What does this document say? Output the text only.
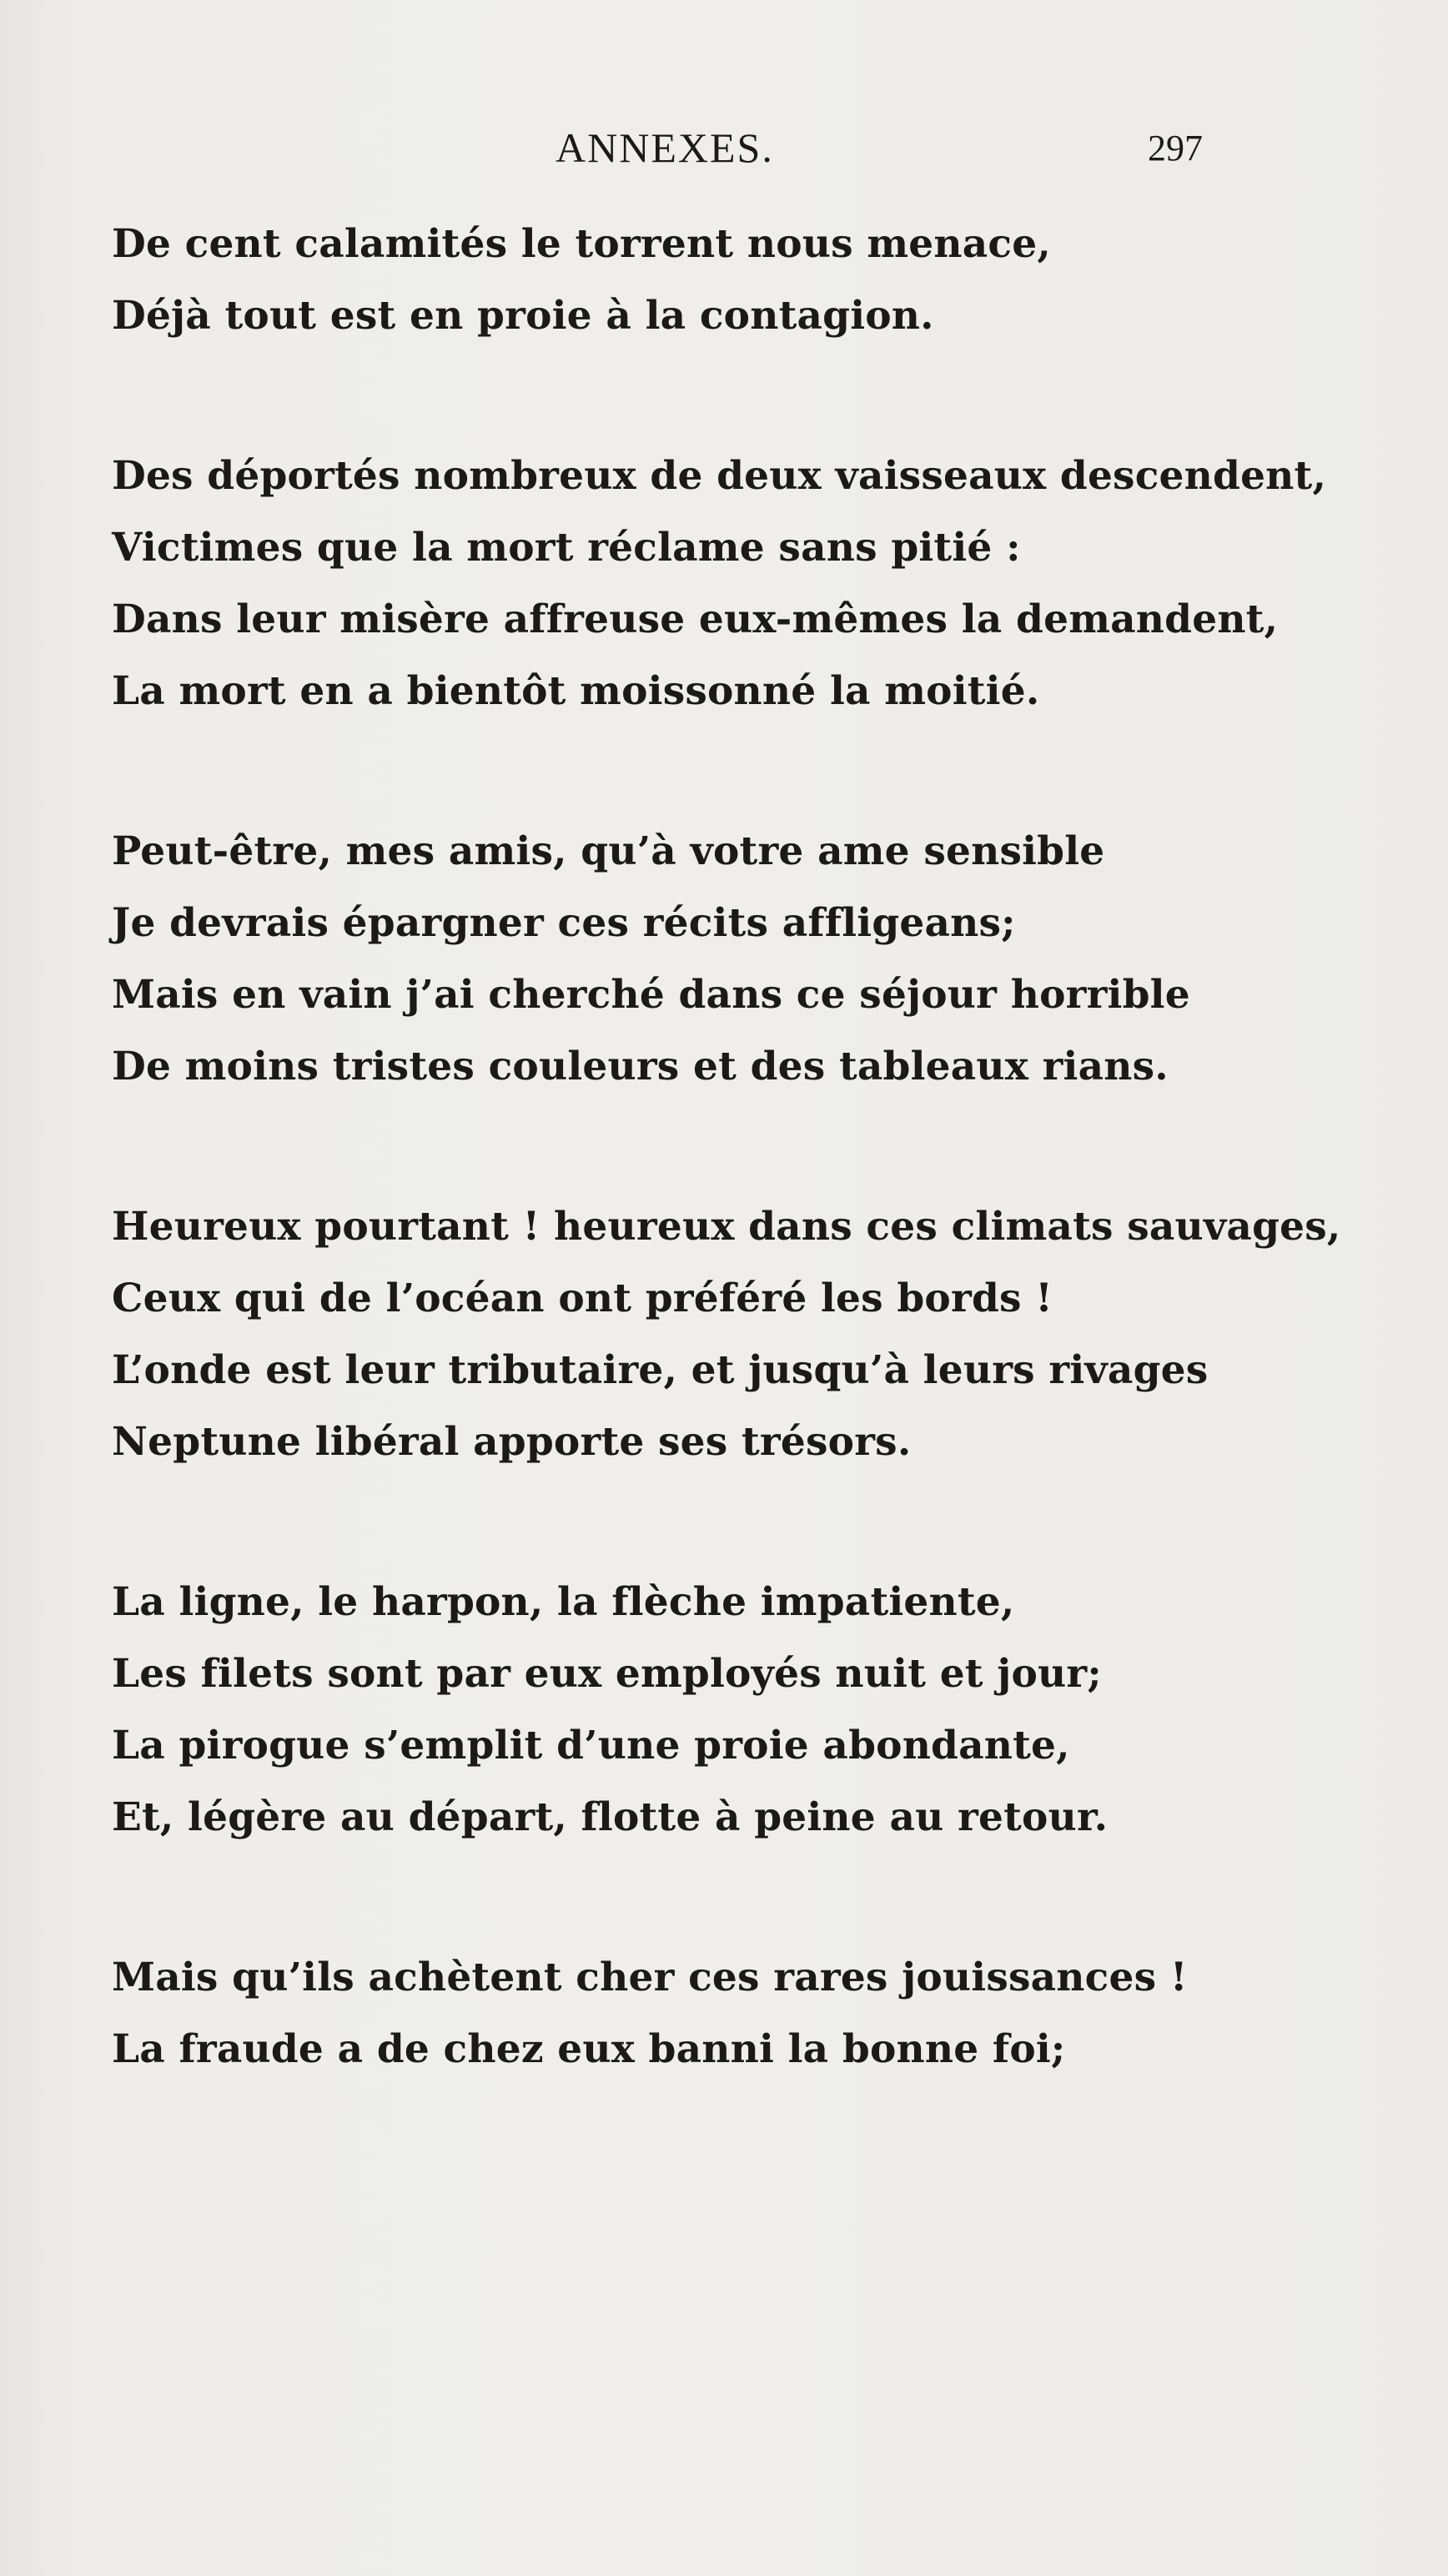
ANNEXES.	297
De cent calamités le torrent nous menace,
Déjà tout est en proie à la contagion.
Des déportés nombreux de deux vaisseaux descendent,
Victimes que la mort réclame sans pitié :
Dans leur misère affreuse eux-mêmes la demandent,
La mort en a bientôt moissonné la moitié.
Peut-être, mes amis, qu’à votre ame sensible
Je devrais épargner ces récits affligeans;
Mais en vain j’ai cherché dans ce séjour horrible
De moins tristes couleurs et des tableaux rians.
Heureux pourtant ! heureux dans ces climats sauvages,
Ceux qui de l’océan ont préféré les bords !
L’onde est leur tributaire, et jusqu’à leurs rivages
Neptune libéral apporte ses trésors.
La ligne, le harpon, la flèche impatiente,
Les filets sont par eux employés nuit et jour;
La pirogue s’emplit d’une proie abondante,
Et, légère au départ, flotte à peine au retour.
Mais qu’ils achètent cher ces rares jouissances !
La fraude a de chez eux banni la bonne foi;
